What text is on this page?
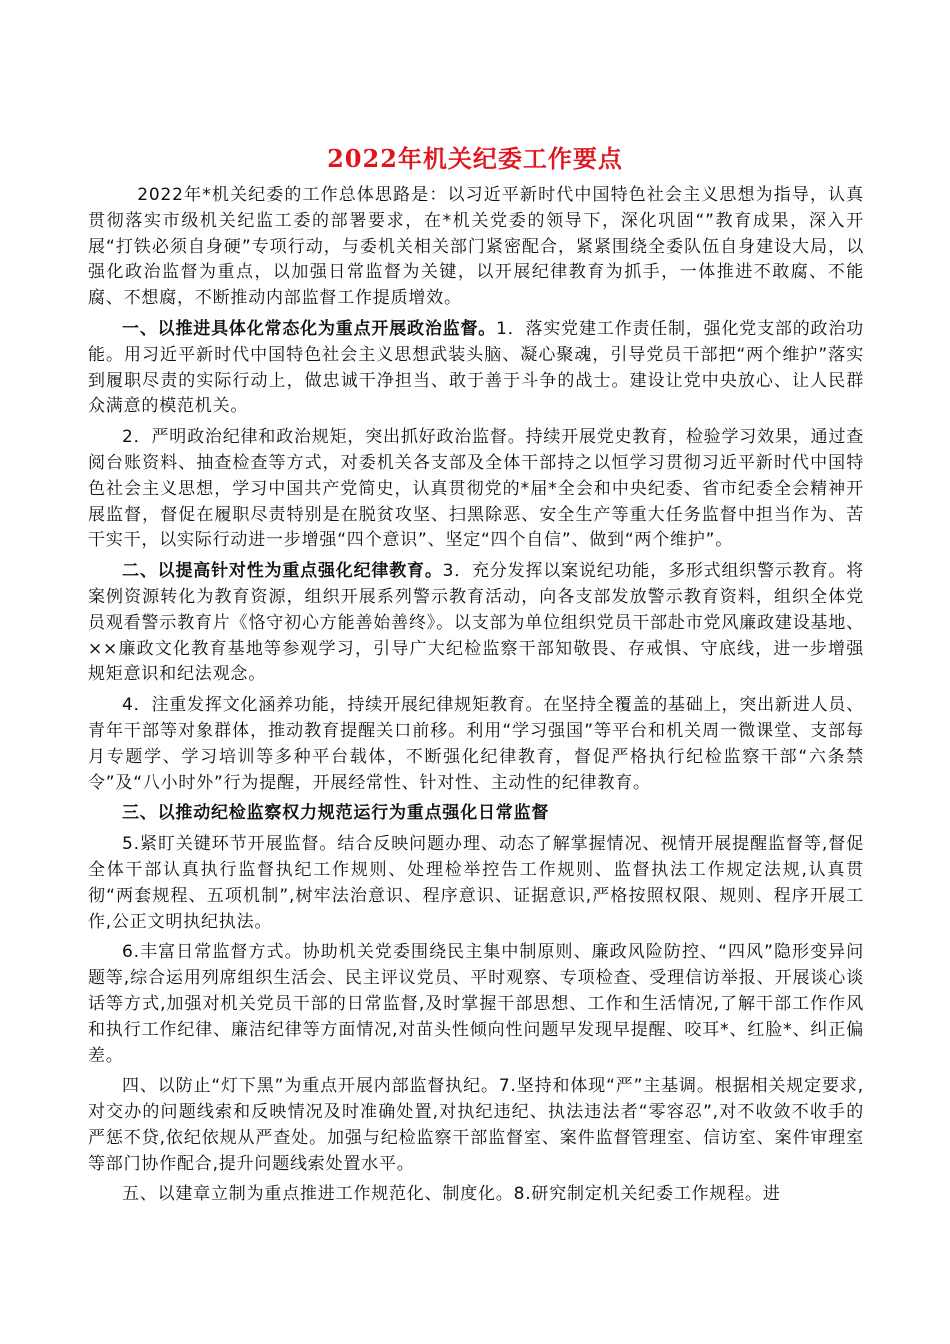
2022年机关纪委工作要点

2022年*机关纪委的工作总体思路是：以习近平新时代中国特色社会主义思想为指导，认真贯彻落实市级机关纪监工委的部署要求，在*机关党委的领导下，深化巩固“”教育成果，深入开展“打铁必须自身硬”专项行动，与委机关相关部门紧密配合，紧紧围绕全委队伍自身建设大局，以强化政治监督为重点，以加强日常监督为关键，以开展纪律教育为抓手，一体推进不敢腐、不能腐、不想腐，不断推动内部监督工作提质增效。

一、以推进具体化常态化为重点开展政治监督。1．落实党建工作责任制，强化党支部的政治功能。用习近平新时代中国特色社会主义思想武装头脑、凝心聚魂，引导党员干部把“两个维护”落实到履职尽责的实际行动上，做忠诚干净担当、敢于善于斗争的战士。建设让党中央放心、让人民群众满意的模范机关。

2．严明政治纪律和政治规矩，突出抓好政治监督。持续开展党史教育，检验学习效果，通过查阅台账资料、抽查检查等方式，对委机关各支部及全体干部持之以恒学习贯彻习近平新时代中国特色社会主义思想，学习中国共产党简史，认真贯彻党的*届*全会和中央纪委、省市纪委全会精神开展监督，督促在履职尽责特别是在脱贫攻坚、扫黑除恶、安全生产等重大任务监督中担当作为、苦干实干，以实际行动进一步增强“四个意识”、坚定“四个自信”、做到“两个维护”。

二、以提高针对性为重点强化纪律教育。3．充分发挥以案说纪功能，多形式组织警示教育。将案例资源转化为教育资源，组织开展系列警示教育活动，向各支部发放警示教育资料，组织全体党员观看警示教育片《恪守初心方能善始善终》。以支部为单位组织党员干部赴市党风廉政建设基地、××廉政文化教育基地等参观学习，引导广大纪检监察干部知敬畏、存戒惧、守底线，进一步增强规矩意识和纪法观念。

4．注重发挥文化涵养功能，持续开展纪律规矩教育。在坚持全覆盖的基础上，突出新进人员、青年干部等对象群体，推动教育提醒关口前移。利用“学习强国”等平台和机关周一微课堂、支部每月专题学、学习培训等多种平台载体，不断强化纪律教育，督促严格执行纪检监察干部“六条禁令”及“八小时外”行为提醒，开展经常性、针对性、主动性的纪律教育。

三、以推动纪检监察权力规范运行为重点强化日常监督

5.紧盯关键环节开展监督。结合反映问题办理、动态了解掌握情况、视情开展提醒监督等,督促全体干部认真执行监督执纪工作规则、处理检举控告工作规则、监督执法工作规定法规,认真贯彻“两套规程、五项机制”,树牢法治意识、程序意识、证据意识,严格按照权限、规则、程序开展工作,公正文明执纪执法。

6.丰富日常监督方式。协助机关党委围绕民主集中制原则、廉政风险防控、“四风”隐形变异问题等,综合运用列席组织生活会、民主评议党员、平时观察、专项检查、受理信访举报、开展谈心谈话等方式,加强对机关党员干部的日常监督,及时掌握干部思想、工作和生活情况,了解干部工作作风和执行工作纪律、廉洁纪律等方面情况,对苗头性倾向性问题早发现早提醒、咬耳*、红脸*、纠正偏差。

四、以防止“灯下黑”为重点开展内部监督执纪。7.坚持和体现“严”主基调。根据相关规定要求,对交办的问题线索和反映情况及时准确处置,对执纪违纪、执法违法者“零容忍”,对不收敛不收手的严惩不贷,依纪依规从严查处。加强与纪检监察干部监督室、案件监督管理室、信访室、案件审理室等部门协作配合,提升问题线索处置水平。

五、以建章立制为重点推进工作规范化、制度化。8.研究制定机关纪委工作规程。进
